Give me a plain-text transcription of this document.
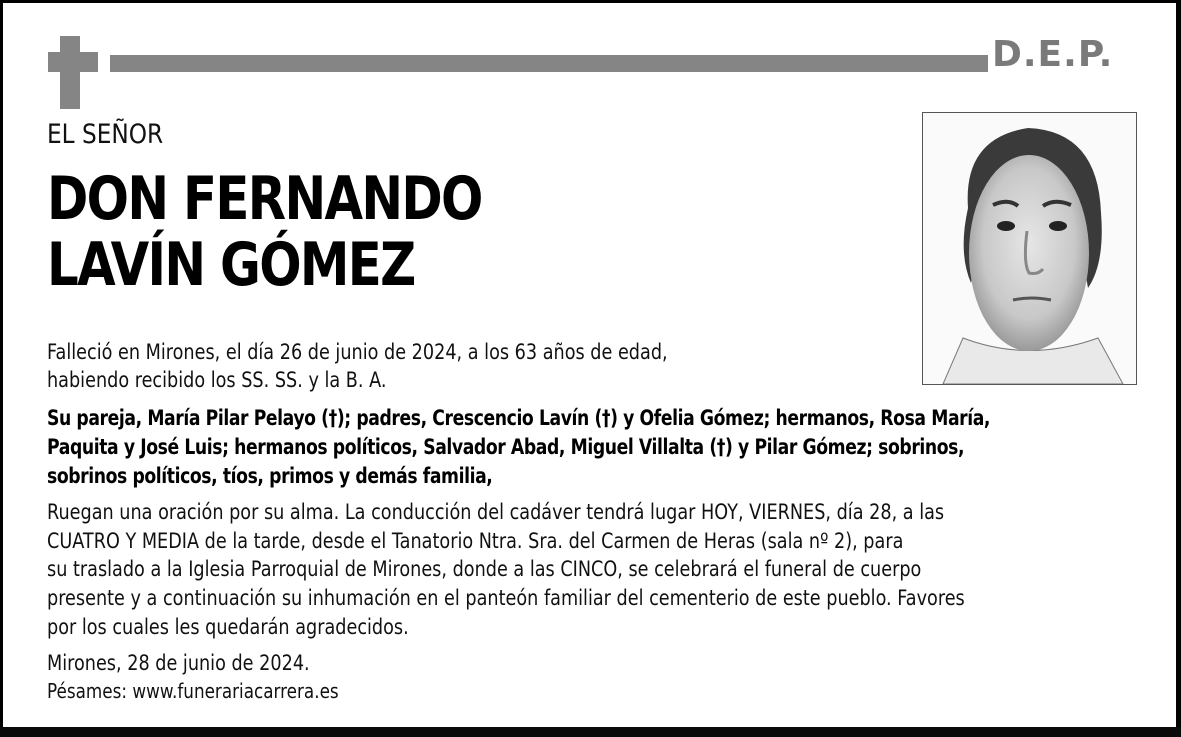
D.E.P.
EL SEÑOR
DON FERNANDO
LAVÍN GÓMEZ
Falleció en Mirones, el día 26 de junio de 2024, a los 63 años de edad,
habiendo recibido los SS. SS. y la B. A.
Su pareja, María Pilar Pelayo (†); padres, Crescencio Lavín (†) y Ofelia Gómez; hermanos, Rosa María,
Paquita y José Luis; hermanos políticos, Salvador Abad, Miguel Villalta (†) y Pilar Gómez; sobrinos,
sobrinos políticos, tíos, primos y demás familia,
Ruegan una oración por su alma. La conducción del cadáver tendrá lugar HOY, VIERNES, día 28, a las
CUATRO Y MEDIA de la tarde, desde el Tanatorio Ntra. Sra. del Carmen de Heras (sala nº 2), para
su traslado a la Iglesia Parroquial de Mirones, donde a las CINCO, se celebrará el funeral de cuerpo
presente y a continuación su inhumación en el panteón familiar del cementerio de este pueblo. Favores
por los cuales les quedarán agradecidos.
Mirones, 28 de junio de 2024.
Pésames: www.funerariacarrera.es
